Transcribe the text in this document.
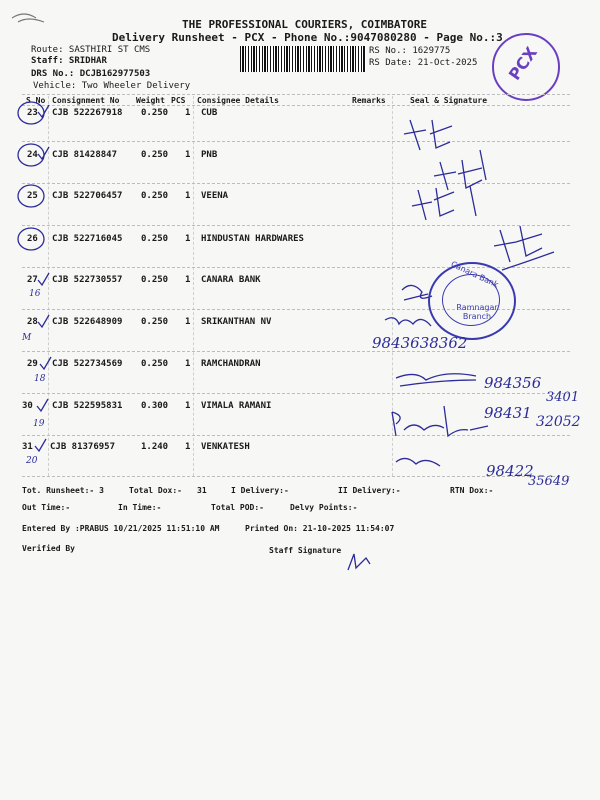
THE PROFESSIONAL COURIERS, COIMBATORE
Delivery Runsheet - PCX - Phone No.:9047080280 - Page No.:3
Route: SASTHIRI ST CMS
Staff: SRIDHAR
DRS No.: DCJB162977503
Vehicle: Two Wheeler Delivery
RS No.: 1629775
RS Date: 21-Oct-2025 PCX
S No Consignment No Weight PCS Consignee Details	Remarks	Seal & Signature
23 CJB 522267918 0.250 1 CUB
24 CJB 81428847	0.250 1 PNB
25 CJB 522706457 0.250 1 VEENA
26 CJB 522716045 0.250 1 HINDUSTAN HARDWARES
27 CJB 522730557 0.250 1 CANARA BANK
16
28 CJB 522648909 0.250 1 SRIKANTHAN NV
M
29 CJB 522734569 0.250 1 RAMCHANDRAN
18
30 CJB 522595831 0.300 1 VIMALA RAMANI
19
31 CJB 81376957	1.240 1 VENKATESH
20
Canara Bank
Ramnagar Branch
9843638362
984356
3401
98431 32052
98422
35649
Tot. Runsheet:- 3	Total Dox:- 31	I Delivery:-	II Delivery:-	RTN Dox:-
Out Time:-	In Time:-	Total POD:-	Delvy Points:-
Entered By :PRABUS 10/21/2025 11:51:10 AM	Printed On: 21-10-2025 11:54:07
Verified By	Staff Signature
